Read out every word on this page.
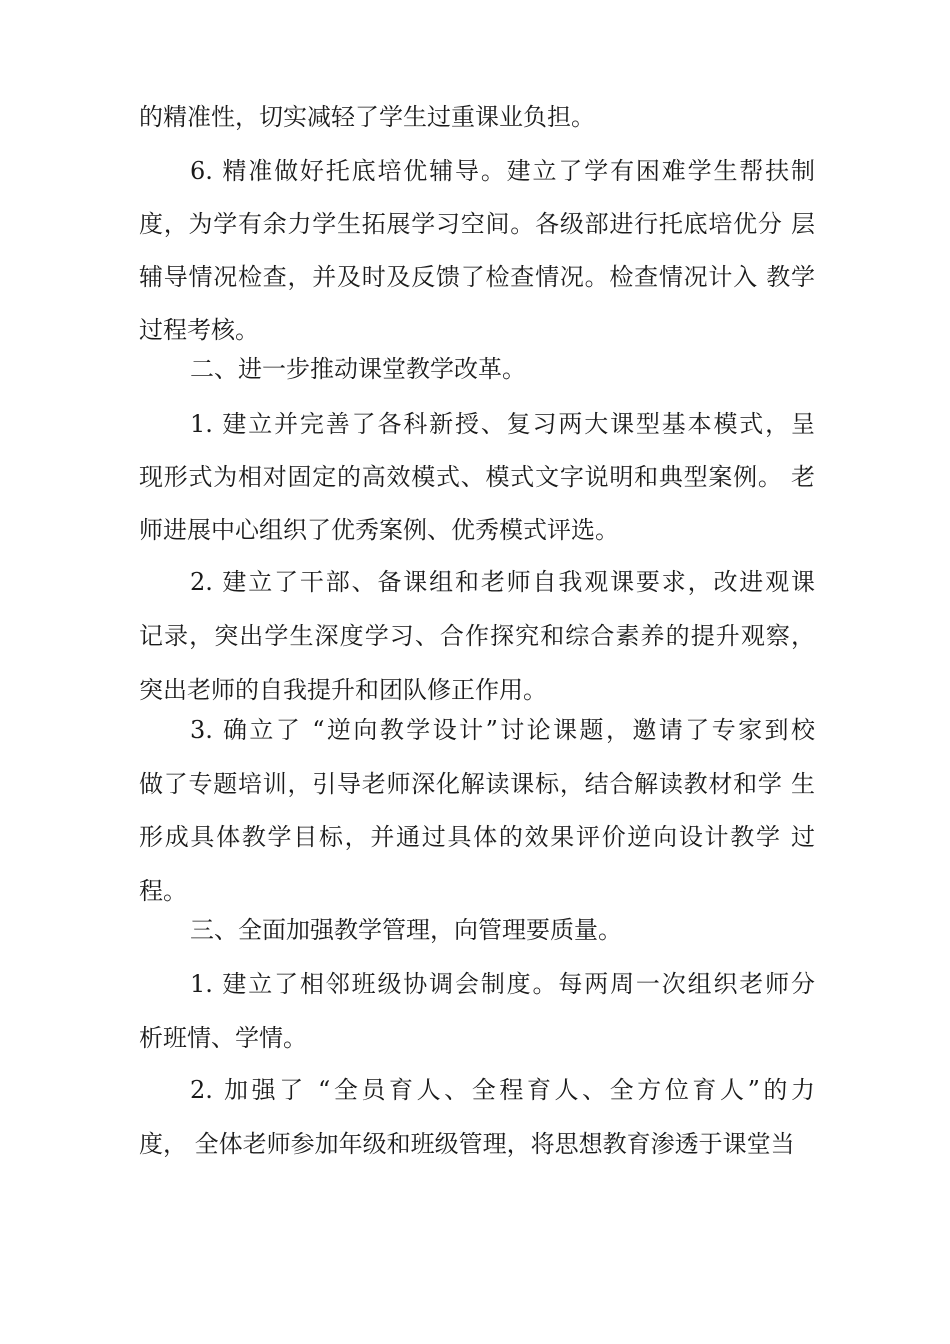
的精准性，切实减轻了学生过重课业负担。
6. 精准做好托底培优辅导。建立了学有困难学生帮扶制
度，为学有余力学生拓展学习空间。各级部进行托底培优分 层
辅导情况检查，并及时及反馈了检查情况。检查情况计入 教学
过程考核。
二、进一步推动课堂教学改革。
1. 建立并完善了各科新授、复习两大课型基本模式，呈
现形式为相对固定的高效模式、模式文字说明和典型案例。 老
师进展中心组织了优秀案例、优秀模式评选。
2. 建立了干部、备课组和老师自我观课要求，改进观课
记录，突出学生深度学习、合作探究和综合素养的提升观察，
突出老师的自我提升和团队修正作用。
3. 确立了 “逆向教学设计”讨论课题，邀请了专家到校
做了专题培训，引导老师深化解读课标，结合解读教材和学 生
形成具体教学目标，并通过具体的效果评价逆向设计教学 过
程。
三、全面加强教学管理，向管理要质量。
1. 建立了相邻班级协调会制度。每两周一次组织老师分
析班情、学情。
2. 加强了 “全员育人、全程育人、全方位育人”的力
度， 全体老师参加年级和班级管理，将思想教育渗透于课堂当
